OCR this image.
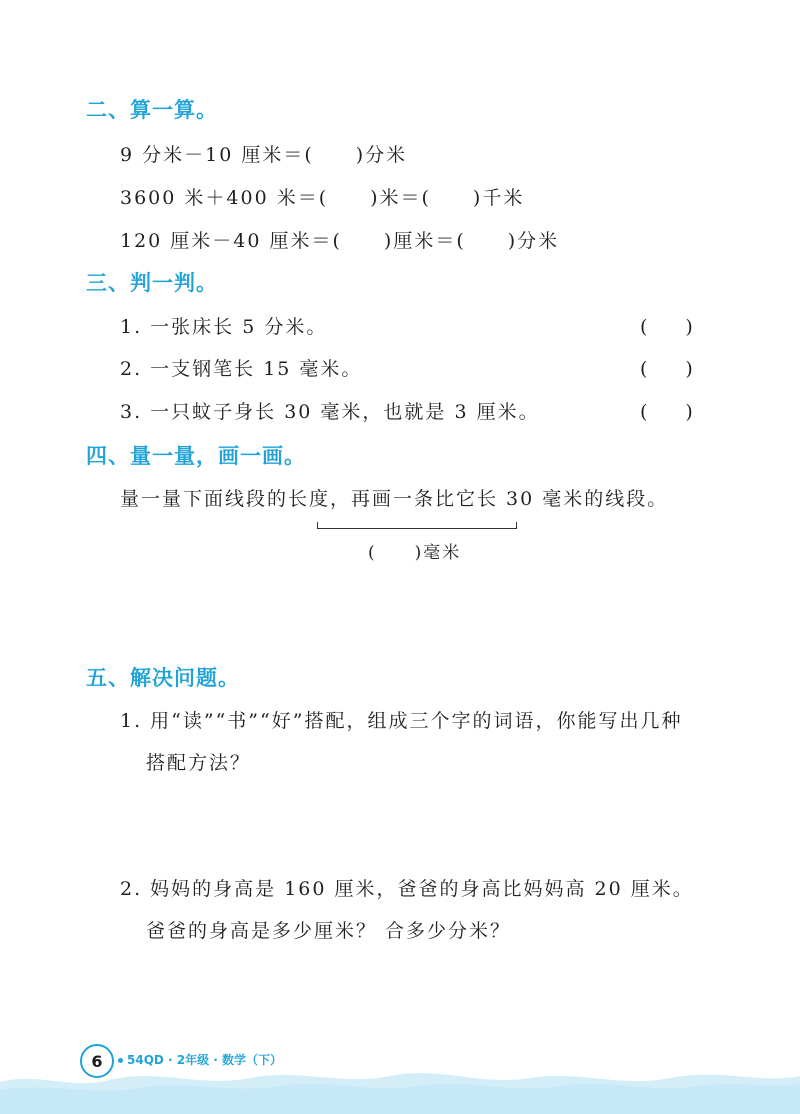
二、算一算。
9 分米－10 厘米＝(　　)分米
3600 米＋400 米＝(　　)米＝(　　)千米
120 厘米－40 厘米＝(　　)厘米＝(　　)分米
三、判一判。
1. 一张床长 5 分米。	(　　)
2. 一支钢笔长 15 毫米。	(　　)
3. 一只蚊子身长 30 毫米，也就是 3 厘米。	(　　)
四、量一量，画一画。
量一量下面线段的长度，再画一条比它长 30 毫米的线段。
(　　)毫米
五、解决问题。
1. 用“读”“书”“好”搭配，组成三个字的词语，你能写出几种
搭配方法？
2. 妈妈的身高是 160 厘米，爸爸的身高比妈妈高 20 厘米。
爸爸的身高是多少厘米？ 合多少分米？
6	54QD · 2年级 · 数学（下）
